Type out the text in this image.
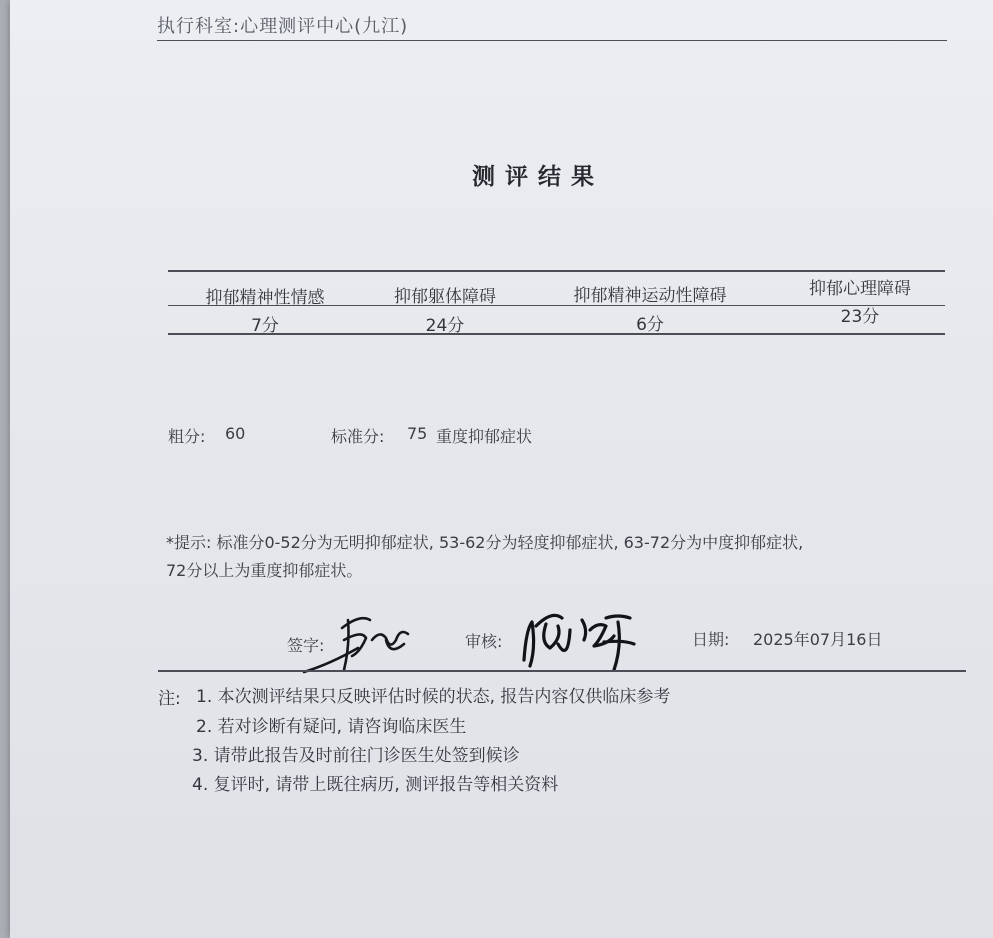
执行科室:心理测评中心(九江)
测评结果
抑郁精神性情感	抑郁躯体障碍	抑郁精神运动性障碍	抑郁心理障碍
7分	24分	6分	23分
粗分: 60	标准分: 75 重度抑郁症状
*提示: 标准分0-52分为无明抑郁症状, 53-62分为轻度抑郁症状, 63-72分为中度抑郁症状,
72分以上为重度抑郁症状。
签字:	审核:	日期: 2025年07月16日
注: 1. 本次测评结果只反映评估时候的状态, 报告内容仅供临床参考
2. 若对诊断有疑问, 请咨询临床医生
3. 请带此报告及时前往门诊医生处签到候诊
4. 复评时, 请带上既往病历, 测评报告等相关资料
